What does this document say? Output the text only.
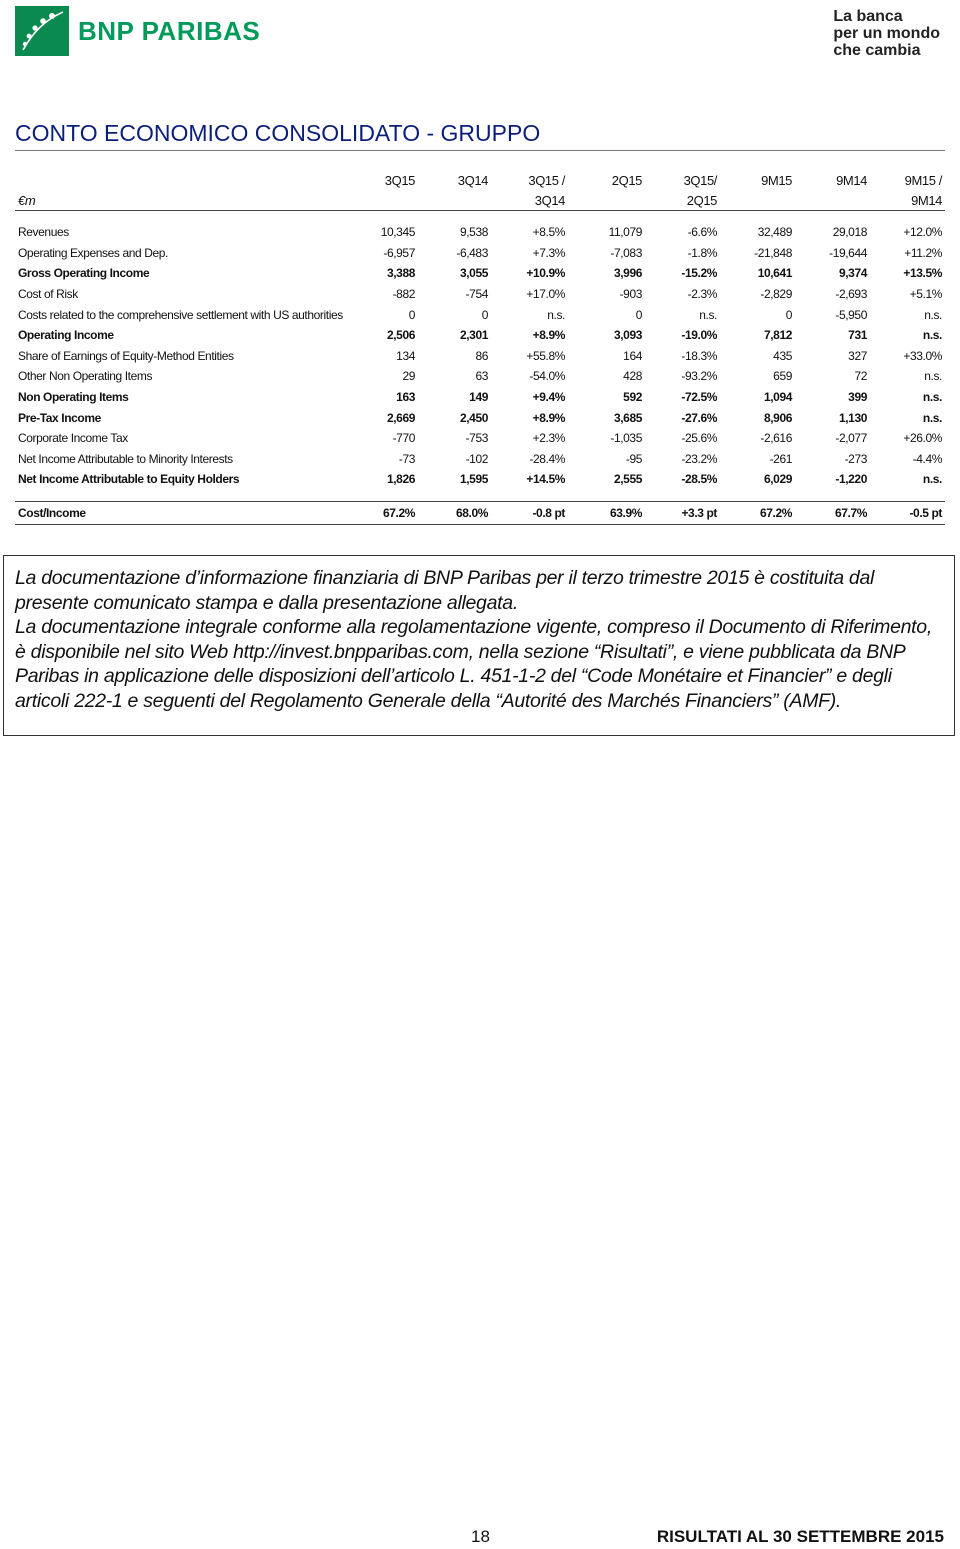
BNP PARIBAS	La banca
per un mondo
che cambia
CONTO ECONOMICO CONSOLIDATO - GRUPPO
	3Q15	3Q14	3Q15 /	2Q15	3Q15/	9M15	9M14	9M15 /
€m			3Q14		2Q15			9M14

Revenues	10,345	9,538	+8.5%	11,079	-6.6%	32,489	29,018	+12.0%
Operating Expenses and Dep.	-6,957	-6,483	+7.3%	-7,083	-1.8%	-21,848	-19,644	+11.2%
Gross Operating Income	3,388	3,055	+10.9%	3,996	-15.2%	10,641	9,374	+13.5%
Cost of Risk	-882	-754	+17.0%	-903	-2.3%	-2,829	-2,693	+5.1%
Costs related to the comprehensive settlement with US authorities	0	0	n.s.	0	n.s.	0	-5,950	n.s.
Operating Income	2,506	2,301	+8.9%	3,093	-19.0%	7,812	731	n.s.
Share of Earnings of Equity-Method Entities	134	86	+55.8%	164	-18.3%	435	327	+33.0%
Other Non Operating Items	29	63	-54.0%	428	-93.2%	659	72	n.s.
Non Operating Items	163	149	+9.4%	592	-72.5%	1,094	399	n.s.
Pre-Tax Income	2,669	2,450	+8.9%	3,685	-27.6%	8,906	1,130	n.s.
Corporate Income Tax	-770	-753	+2.3%	-1,035	-25.6%	-2,616	-2,077	+26.0%
Net Income Attributable to Minority Interests	-73	-102	-28.4%	-95	-23.2%	-261	-273	-4.4%
Net Income Attributable to Equity Holders	1,826	1,595	+14.5%	2,555	-28.5%	6,029	-1,220	n.s.

Cost/Income	67.2%	68.0%	-0.8 pt	63.9%	+3.3 pt	67.2%	67.7%	-0.5 pt

La documentazione d’informazione finanziaria di BNP Paribas per il terzo trimestre 2015 è costituita dal presente comunicato stampa e dalla presentazione allegata.

La documentazione integrale conforme alla regolamentazione vigente, compreso il Documento di Riferimento, è disponibile nel sito Web http://invest.bnpparibas.com, nella sezione “Risultati”, e viene pubblicata da BNP Paribas in applicazione delle disposizioni dell’articolo L. 451-1-2 del “Code Monétaire et Financier” e degli articoli 222-1 e seguenti del Regolamento Generale della “Autorité des Marchés Financiers” (AMF).

18	RISULTATI AL 30 SETTEMBRE 2015
